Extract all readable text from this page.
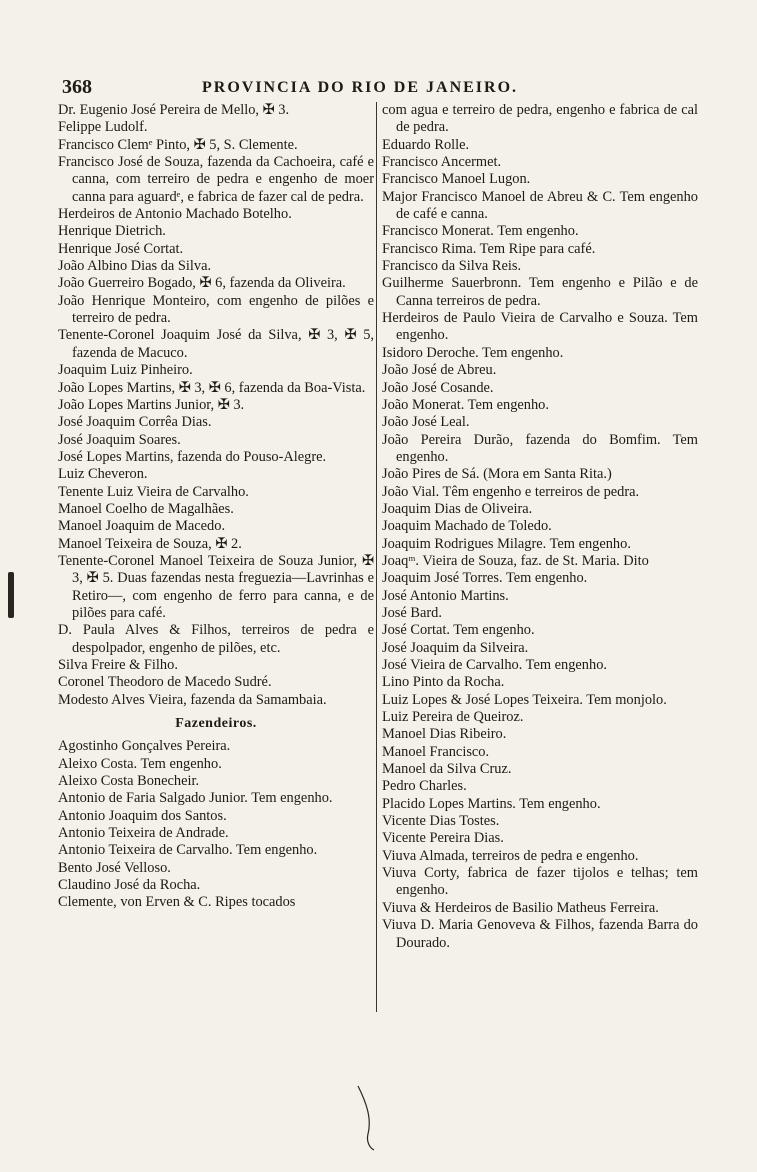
368	PROVINCIA DO RIO DE JANEIRO.
Dr. Eugenio José Pereira de Mello, ✠ 3.
Felippe Ludolf.
Francisco Clemᵉ Pinto, ✠ 5, S. Clemente.
Francisco José de Souza, fazenda da Cachoeira, café e canna, com terreiro de pedra e engenho de moer canna para aguardᵉ, e fabrica de fazer cal de pedra.
Herdeiros de Antonio Machado Botelho.
Henrique Dietrich.
Henrique José Cortat.
João Albino Dias da Silva.
João Guerreiro Bogado, ✠ 6, fazenda da Oliveira.
João Henrique Monteiro, com engenho de pilões e terreiro de pedra.
Tenente-Coronel Joaquim José da Silva, ✠ 3, ✠ 5, fazenda de Macuco.
Joaquim Luiz Pinheiro.
João Lopes Martins, ✠ 3, ✠ 6, fazenda da Boa-Vista.
João Lopes Martins Junior, ✠ 3.
José Joaquim Corrêa Dias.
José Joaquim Soares.
José Lopes Martins, fazenda do Pouso-Alegre.
Luiz Cheveron.
Tenente Luiz Vieira de Carvalho.
Manoel Coelho de Magalhães.
Manoel Joaquim de Macedo.
Manoel Teixeira de Souza, ✠ 2.
Tenente-Coronel Manoel Teixeira de Souza Junior, ✠ 3, ✠ 5. Duas fazendas nesta freguezia—Lavrinhas e Retiro—, com engenho de ferro para canna, e de pilões para café.
D. Paula Alves & Filhos, terreiros de pedra e despolpador, engenho de pilões, etc.
Silva Freire & Filho.
Coronel Theodoro de Macedo Sudré.
Modesto Alves Vieira, fazenda da Samambaia.
Fazendeiros.
Agostinho Gonçalves Pereira.
Aleixo Costa. Tem engenho.
Aleixo Costa Bonecheir.
Antonio de Faria Salgado Junior. Tem engenho.
Antonio Joaquim dos Santos.
Antonio Teixeira de Andrade.
Antonio Teixeira de Carvalho. Tem engenho.
Bento José Velloso.
Claudino José da Rocha.
Clemente, von Erven & C. Ripes tocados
com agua e terreiro de pedra, engenho e fabrica de cal de pedra.
Eduardo Rolle.
Francisco Ancermet.
Francisco Manoel Lugon.
Major Francisco Manoel de Abreu & C. Tem engenho de café e canna.
Francisco Monerat. Tem engenho.
Francisco Rima. Tem Ripe para café.
Francisco da Silva Reis.
Guilherme Sauerbronn. Tem engenho e Pilão e de Canna terreiros de pedra.
Herdeiros de Paulo Vieira de Carvalho e Souza. Tem engenho.
Isidoro Deroche. Tem engenho.
João José de Abreu.
João José Cosande.
João Monerat. Tem engenho.
João José Leal.
João Pereira Durão, fazenda do Bomfim. Tem engenho.
João Pires de Sá. (Mora em Santa Rita.)
João Vial. Têm engenho e terreiros de pedra.
Joaquim Dias de Oliveira.
Joaquim Machado de Toledo.
Joaquim Rodrigues Milagre. Tem engenho.
Joaqᵐ. Vieira de Souza, faz. de St. Maria. Dito
Joaquim José Torres. Tem engenho.
José Antonio Martins.
José Bard.
José Cortat. Tem engenho.
José Joaquim da Silveira.
José Vieira de Carvalho. Tem engenho.
Lino Pinto da Rocha.
Luiz Lopes & José Lopes Teixeira. Tem monjolo.
Luiz Pereira de Queiroz.
Manoel Dias Ribeiro.
Manoel Francisco.
Manoel da Silva Cruz.
Pedro Charles.
Placido Lopes Martins. Tem engenho.
Vicente Dias Tostes.
Vicente Pereira Dias.
Viuva Almada, terreiros de pedra e engenho.
Viuva Corty, fabrica de fazer tijolos e telhas; tem engenho.
Viuva & Herdeiros de Basilio Matheus Ferreira.
Viuva D. Maria Genoveva & Filhos, fazenda Barra do Dourado.
